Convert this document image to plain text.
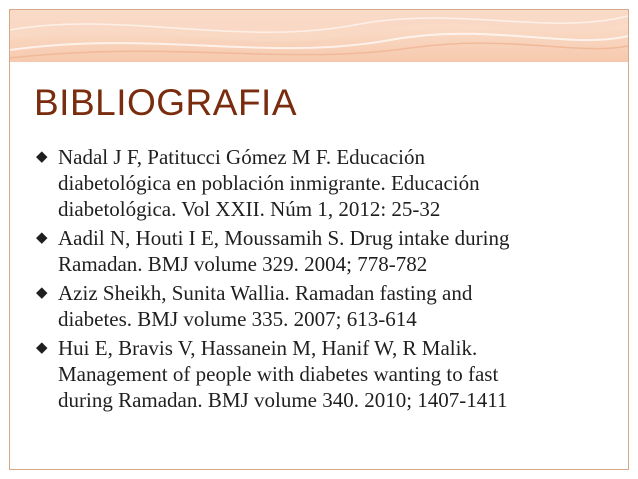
BIBLIOGRAFIA
◆ Nadal J F, Patitucci Gómez M F. Educación
diabetológica en población inmigrante. Educación
diabetológica. Vol XXII. Núm 1, 2012: 25-32
◆ Aadil N, Houti I E, Moussamih S. Drug intake during
Ramadan. BMJ volume 329. 2004; 778-782
◆ Aziz Sheikh, Sunita Wallia. Ramadan fasting and
diabetes. BMJ volume 335. 2007; 613-614
◆ Hui E, Bravis V, Hassanein M, Hanif W, R Malik.
Management of people with diabetes wanting to fast
during Ramadan. BMJ volume 340. 2010; 1407-1411
